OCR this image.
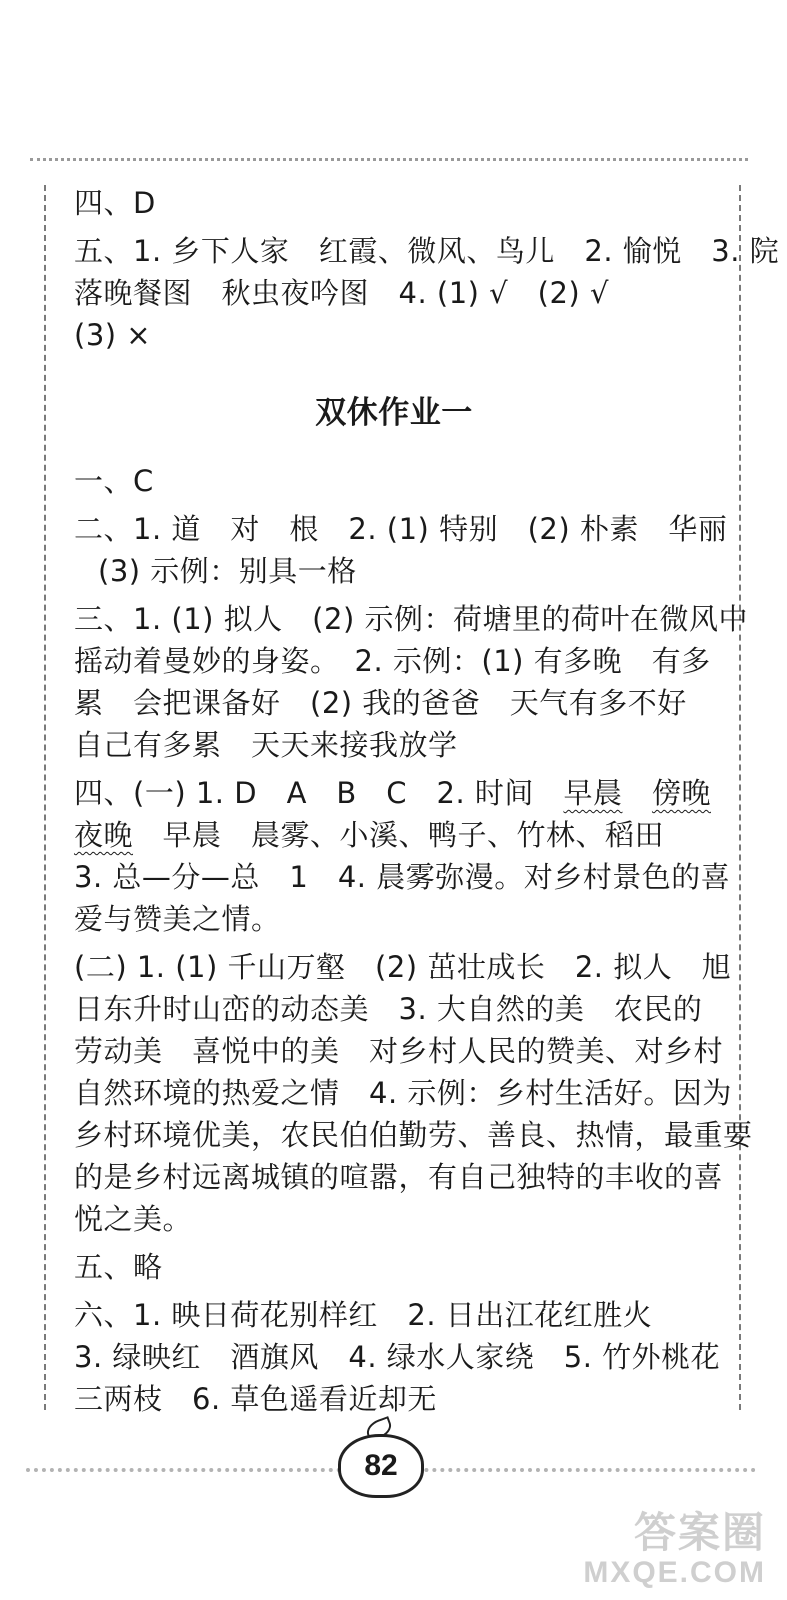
四、D

五、1. 乡下人家　红霞、微风、鸟儿　2. 愉悦　3. 院

落晚餐图　秋虫夜吟图　4. (1) √　(2) √

(3) ×

双休作业一

一、C

二、1. 道　对　根　2. (1) 特别　(2) 朴素　华丽

(3) 示例：别具一格

三、1. (1) 拟人　(2) 示例：荷塘里的荷叶在微风中

摇动着曼妙的身姿。　2. 示例：(1) 有多晚　有多

累　会把课备好　(2) 我的爸爸　天气有多不好

自己有多累　天天来接我放学

四、(一) 1. D　A　B　C　2. 时间　早晨　 傍晚

夜晚　早晨　晨雾、小溪、鸭子、竹林、稻田

3. 总—分—总　1　4. 晨雾弥漫。对乡村景色的喜

爱与赞美之情。

(二) 1. (1) 千山万壑　(2) 茁壮成长　2. 拟人　旭

日东升时山峦的动态美　3. 大自然的美　农民的

劳动美　喜悦中的美　对乡村人民的赞美、对乡村

自然环境的热爱之情　4. 示例：乡村生活好。因为

乡村环境优美，农民伯伯勤劳、善良、热情，最重要

的是乡村远离城镇的喧嚣，有自己独特的丰收的喜

悦之美。

五、略

六、1. 映日荷花别样红　2. 日出江花红胜火

3. 绿映红　酒旗风　4. 绿水人家绕　5. 竹外桃花

三两枝　6. 草色遥看近却无

82
答案圈
MXQE.COM
